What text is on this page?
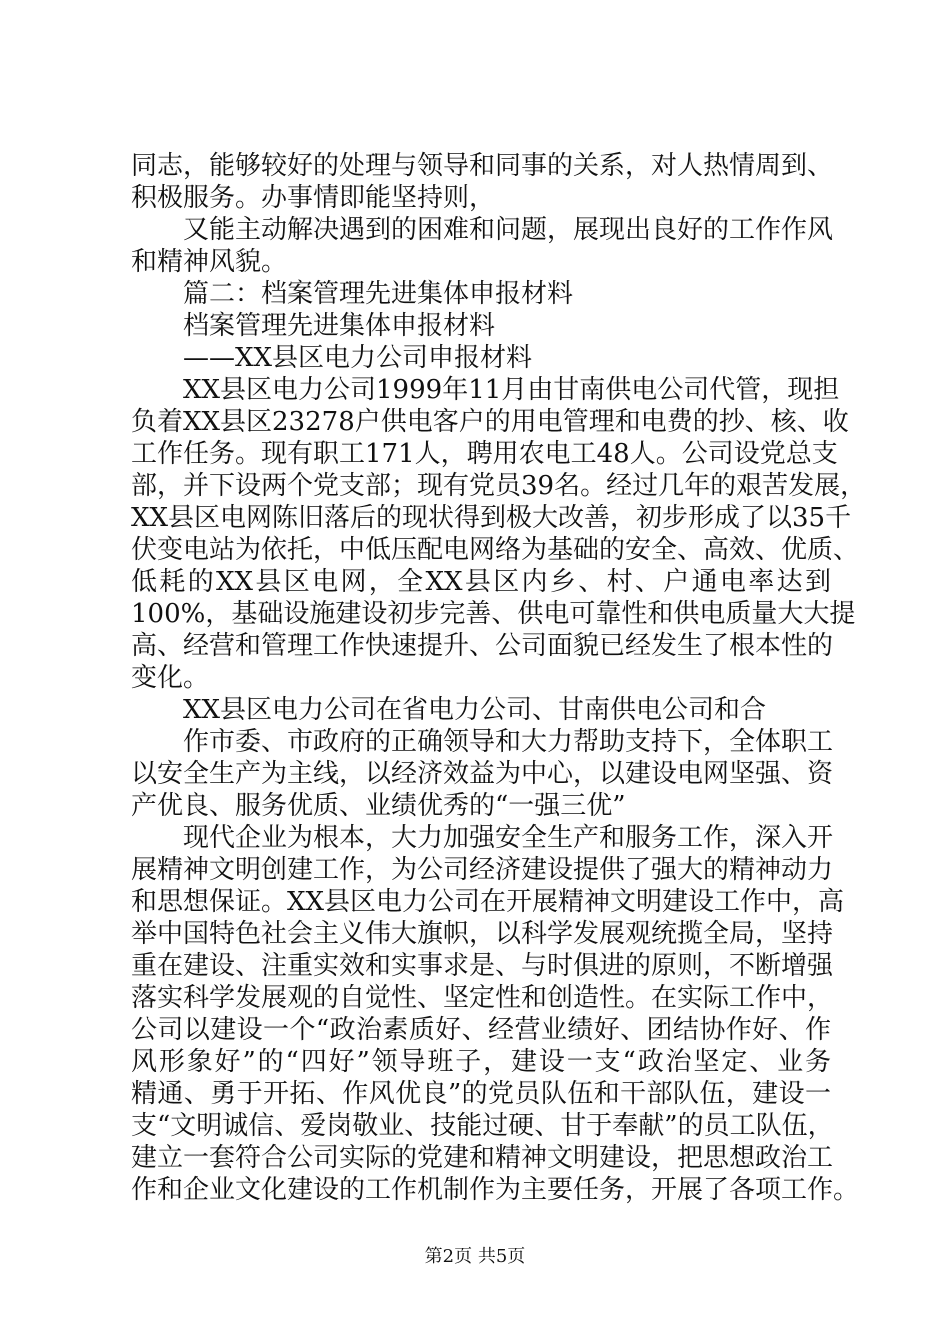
同志，能够较好的处理与领导和同事的关系，对人热情周到、
积极服务。办事情即能坚持则，
又能主动解决遇到的困难和问题，展现出良好的工作作风
和精神风貌。
篇二：档案管理先进集体申报材料
档案管理先进集体申报材料
——XX县区电力公司申报材料
XX县区电力公司1999年11月由甘南供电公司代管，现担
负着XX县区23278户供电客户的用电管理和电费的抄、核、收
工作任务。现有职工171人，聘用农电工48人。公司设党总支
部，并下设两个党支部；现有党员39名。经过几年的艰苦发展，
XX县区电网陈旧落后的现状得到极大改善，初步形成了以35千
伏变电站为依托，中低压配电网络为基础的安全、高效、优质、
低耗的XX县区电网，全XX县区内乡、村、户通电率达到
100%，基础设施建设初步完善、供电可靠性和供电质量大大提
高、经营和管理工作快速提升、公司面貌已经发生了根本性的
变化。
XX县区电力公司在省电力公司、甘南供电公司和合
作市委、市政府的正确领导和大力帮助支持下，全体职工
以安全生产为主线，以经济效益为中心，以建设电网坚强、资
产优良、服务优质、业绩优秀的“一强三优”
现代企业为根本，大力加强安全生产和服务工作，深入开
展精神文明创建工作，为公司经济建设提供了强大的精神动力
和思想保证。XX县区电力公司在开展精神文明建设工作中，高
举中国特色社会主义伟大旗帜，以科学发展观统揽全局，坚持
重在建设、注重实效和实事求是、与时俱进的原则，不断增强
落实科学发展观的自觉性、坚定性和创造性。在实际工作中，
公司以建设一个“政治素质好、经营业绩好、团结协作好、作
风形象好”的“四好”领导班子，建设一支“政治坚定、业务
精通、勇于开拓、作风优良”的党员队伍和干部队伍，建设一
支“文明诚信、爱岗敬业、技能过硬、甘于奉献”的员工队伍，
建立一套符合公司实际的党建和精神文明建设，把思想政治工
作和企业文化建设的工作机制作为主要任务，开展了各项工作。
第2页 共5页
